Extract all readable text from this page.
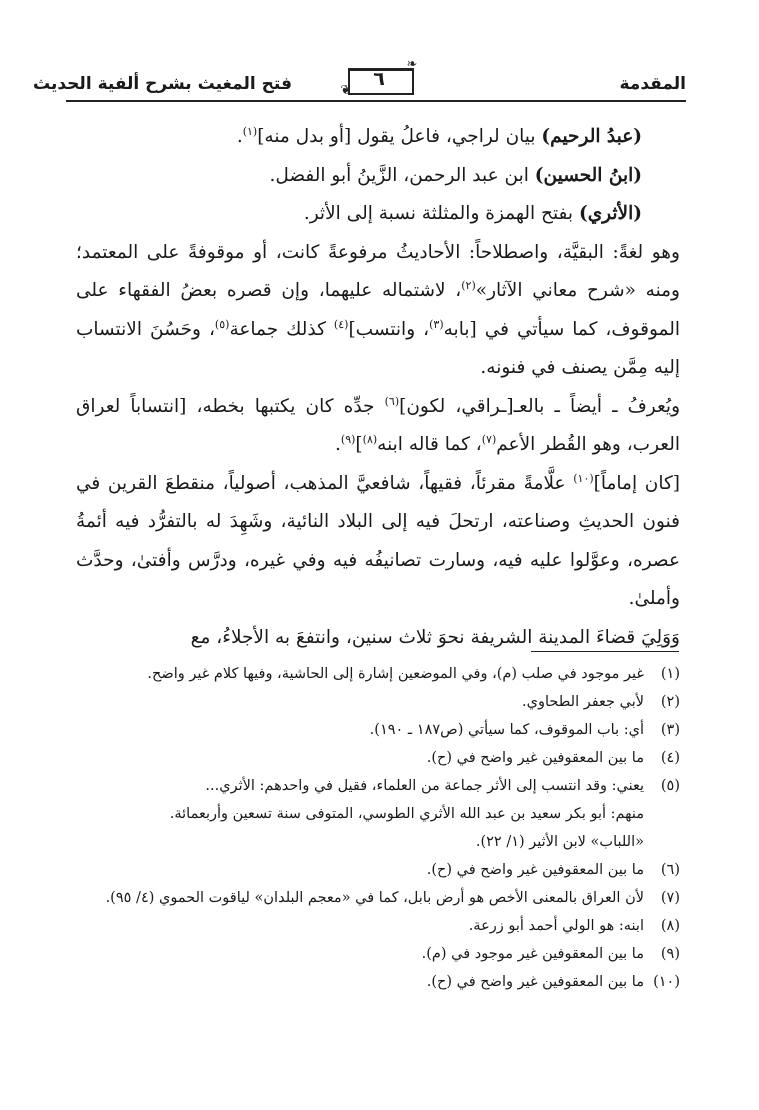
المقدمة
❧
❦
٦
فتح المغيث بشرح ألفية الحديث

(عبدُ الرحيم) بيان لراجي، فاعلُ يقول [أو بدل منه]$^{(١)}$.

(ابنُ الحسين) ابن عبد الرحمن، الزَّينُ أبو الفضل.

(الأثري) بفتح الهمزة والمثلثة نسبة إلى الأثر.

وهو لغةً: البقيَّة، واصطلاحاً: الأحاديثُ مرفوعةً كانت، أو موقوفةً على المعتمد؛ ومنه «شرح معاني الآثار»$^{(٢)}$، لاشتماله عليهما، وإن قصره بعضُ الفقهاء على الموقوف، كما سيأتي في [بابه$^{(٣)}$، وانتسب]$^{(٤)}$ كذلك جماعة$^{(٥)}$، وحَسُنَ الانتساب إليه مِمَّن يصنف في فنونه.

ويُعرفُ ـ أيضاً ـ بالعـ[ـراقي، لكون]$^{(٦)}$ جدِّه كان يكتبها بخطه، [انتساباً لعراق العرب، وهو القُطر الأعم$^{(٧)}$، كما قاله ابنه$^{(٨)}$]$^{(٩)}$.

[كان إماماً]$^{(١٠)}$ علَّامةً مقرئاً، فقيهاً، شافعيَّ المذهب، أصولياً، منقطعَ القرين في فنون الحديثِ وصناعته، ارتحلَ فيه إلى البلاد النائية، وشَهِدَ له بالتفرُّد فيه أئمةُ عصره، وعوَّلوا عليه فيه، وسارت تصانيفُه فيه وفي غيره، ودرَّس وأفتىٰ، وحدَّث وأملىٰ.

وَوَلِيَ قضاءَ المدينة الشريفة نحوَ ثلاث سنين، وانتفعَ به الأجلاءُ، مع

(١)
غير موجود في صلب (م)، وفي الموضعين إشارة إلى الحاشية، وفيها كلام غير واضح.
(٢)
لأبي جعفر الطحاوي.
(٣)
أي: باب الموقوف، كما سيأتي (ص١٨٧ ـ ١٩٠).
(٤)
ما بين المعقوفين غير واضح في (ح).
(٥)
يعني: وقد انتسب إلى الأثر جماعة من العلماء، فقيل في واحدهم: الأثري...
منهم: أبو بكر سعيد بن عبد الله الأثري الطوسي، المتوفى سنة تسعين وأربعمائة.
«اللباب» لابن الأثير (١/ ٢٢).
(٦)
ما بين المعقوفين غير واضح في (ح).
(٧)
لأن العراق بالمعنى الأخص هو أرض بابل، كما في «معجم البلدان» لياقوت الحموي (٤/ ٩٥).
(٨)
ابنه: هو الولي أحمد أبو زرعة.
(٩)
ما بين المعقوفين غير موجود في (م).
(١٠)
ما بين المعقوفين غير واضح في (ح).
